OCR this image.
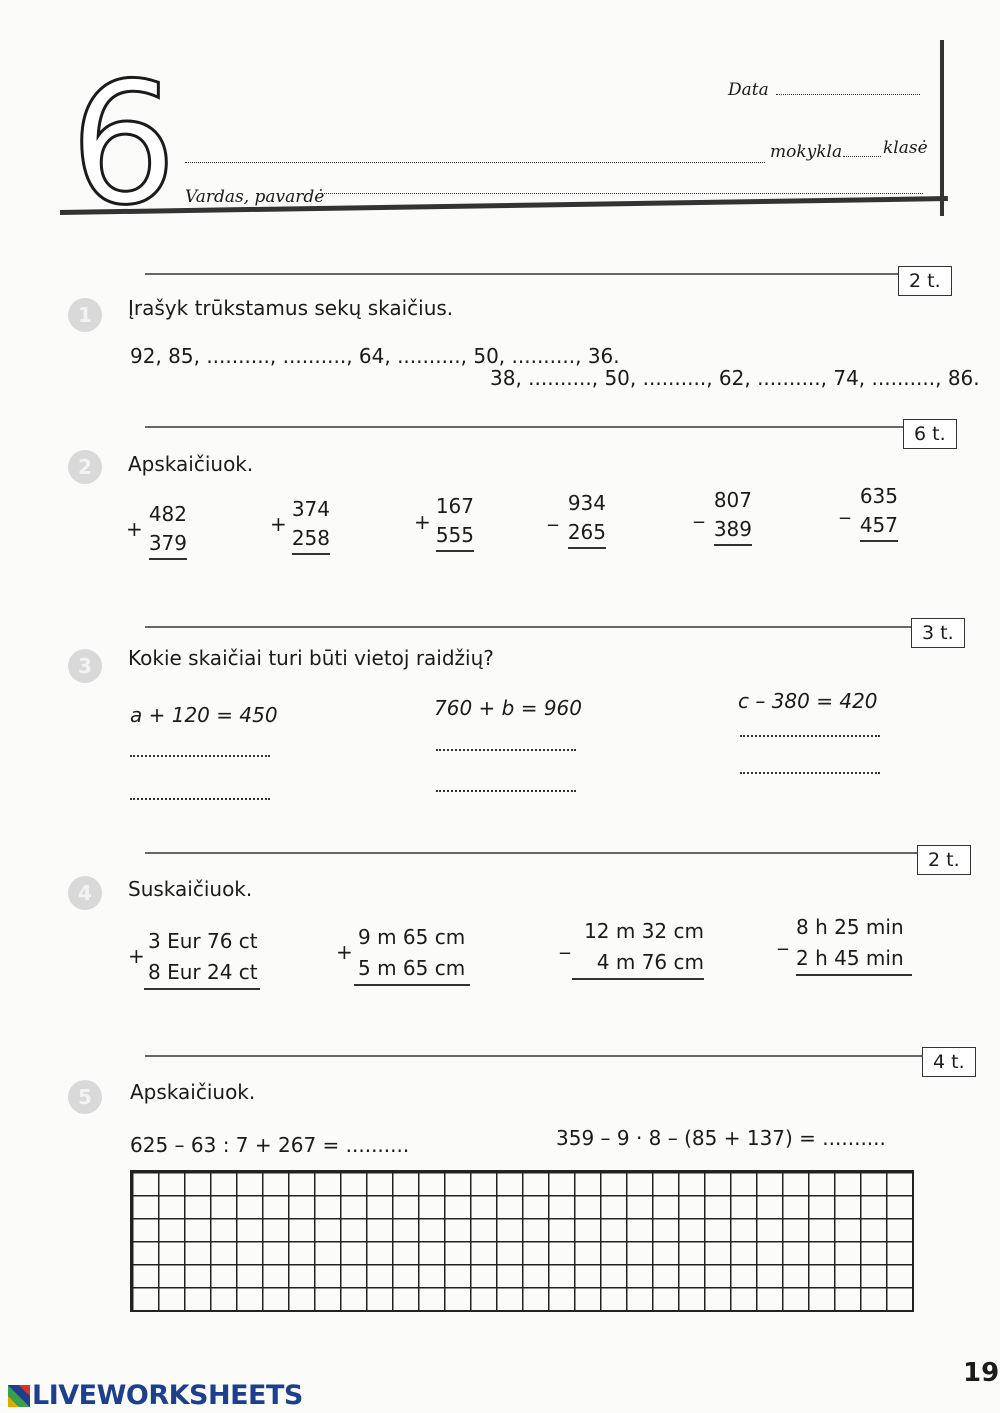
6	Data
mokykla klasė
Vardas, pavardė
2 t.
1	Įrašyk trūkstamus sekų skaičius.
92, 85, .........., .........., 64, .........., 50, .........., 36.
38, .........., 50, .........., 62, .........., 74, .........., 86.
6 t.
2	Apskaičiuok.
+
482
379
+
374
258
+
167
555
_ 934
265
_ 807
389
_ 635
457
3 t.
3	Kokie skaičiai turi būti vietoj raidžių?
a + 120 = 450	760 + b = 960	c – 380 = 420
2 t.
4	Suskaičiuok.
+
3 Eur 76 ct
8 Eur 24 ct
+
9 m 65 cm
5 m 65 cm
_ 12 m 32 cm
4 m 76 cm
_ 8 h 25 min
2 h 45 min
4 t.
5	Apskaičiuok.
625 – 63 : 7 + 267 = ..........	359 – 9 · 8 – (85 + 137) = ..........
LIVEWORKSHEETS
19
